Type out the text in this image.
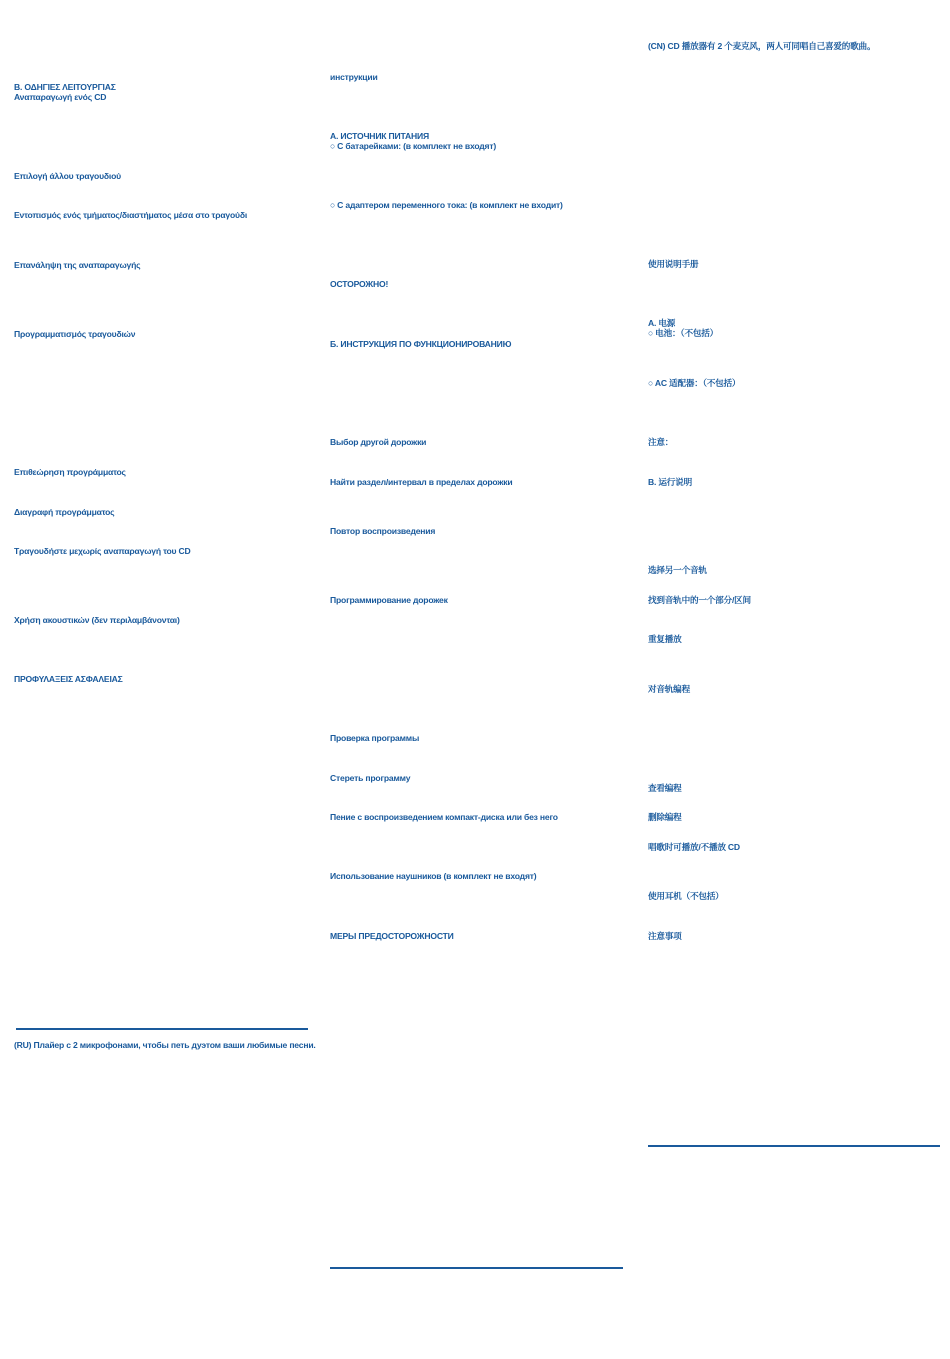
B. ΟΔΗΓΙΕΣ ΛΕΙΤΟΥΡΓΙΑΣ
Αναπαραγωγή ενός CD
Επιλογή άλλου τραγουδιού
Εντοπισμός ενός τμήματος/διαστήματος μέσα στο τραγούδι
Επανάληψη της αναπαραγωγής
Προγραμματισμός τραγουδιών
Επιθεώρηση προγράμματος
Διαγραφή προγράμματος
Τραγουδήστε μεχωρίς αναπαραγωγή του CD
Χρήση ακουστικών (δεν περιλαμβάνονται)
ΠΡΟΦΥΛΑΞΕΙΣ ΑΣΦΑΛΕΙΑΣ
(RU) Плайер с 2 микрофонами, чтобы петь дуэтом ваши любимые песни.
инструкции
A. ИСТОЧНИК ПИТАНИЯ
○ С батарейками: (в комплект не входят)
○ С адаптером переменного тока: (в комплект не входит)
ОСТОРОЖНО!
Б. ИНСТРУКЦИЯ ПО ФУНКЦИОНИРОВАНИЮ
Выбор другой дорожки
Найти раздел/интервал в пределах дорожки
Повтор воспроизведения
Программирование дорожек
Проверка программы
Стереть программу
Пение с воспроизведением компакт-диска или без него
Использование наушников (в комплект не входят)
МЕРЫ ПРЕДОСТОРОЖНОСТИ
(CN) CD 播放器有 2 个麦克风，两人可同唱自己喜爱的歌曲。
使用说明手册
A. 电源
○ 电池：（不包括）
○ AC 适配器：（不包括）
注意：
B. 运行说明
选择另一个音轨
找到音轨中的一个部分/区间
重复播放
对音轨编程
查看编程
删除编程
唱歌时可播放/不播放 CD
使用耳机（不包括）
注意事项
